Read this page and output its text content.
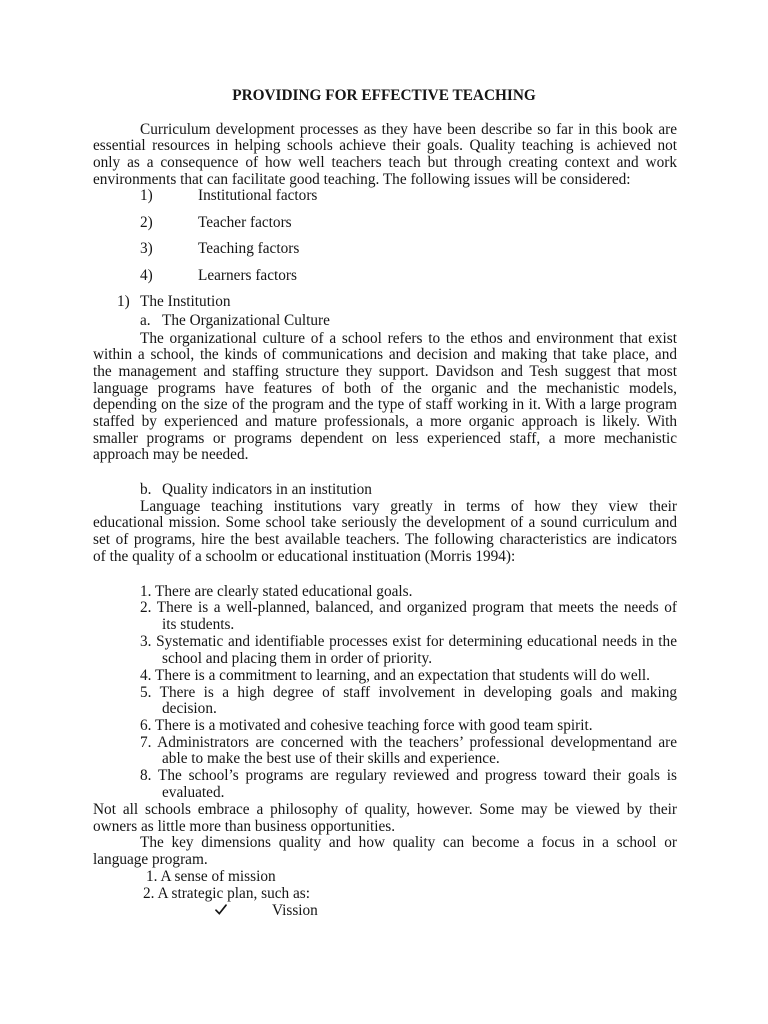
PROVIDING FOR EFFECTIVE TEACHING
Curriculum development processes as they have been describe so far in this book are
essential resources in helping schools achieve their goals. Quality teaching is achieved not
only as a consequence of how well teachers teach but through creating context and work
environments that can facilitate good teaching. The following issues will be considered:
1)	Institutional factors
2)	Teacher factors
3)	Teaching factors
4)	Learners factors
1) The Institution
a. The Organizational Culture
The organizational culture of a school refers to the ethos and environment that exist
within a school, the kinds of communications and decision and making that take place, and
the management and staffing structure they support. Davidson and Tesh suggest that most
language programs have features of both of the organic and the mechanistic models,
depending on the size of the program and the type of staff working in it. With a large program
staffed by experienced and mature professionals, a more organic approach is likely. With
smaller programs or programs dependent on less experienced staff, a more mechanistic
approach may be needed.
b. Quality indicators in an institution
Language teaching institutions vary greatly in terms of how they view their
educational mission. Some school take seriously the development of a sound curriculum and
set of programs, hire the best available teachers. The following characteristics are indicators
of the quality of a schoolm or educational instituation (Morris 1994):
1. There are clearly stated educational goals.
2. There is a well-planned, balanced, and organized program that meets the needs of
its students.
3. Systematic and identifiable processes exist for determining educational needs in the
school and placing them in order of priority.
4. There is a commitment to learning, and an expectation that students will do well.
5. There is a high degree of staff involvement in developing goals and making
decision.
6. There is a motivated and cohesive teaching force with good team spirit.
7. Administrators are concerned with the teachers’ professional developmentand are
able to make the best use of their skills and experience.
8. The school’s programs are regulary reviewed and progress toward their goals is
evaluated.
Not all schools embrace a philosophy of quality, however. Some may be viewed by their
owners as little more than business opportunities.
The key dimensions quality and how quality can become a focus in a school or
language program.
1. A sense of mission
2. A strategic plan, such as:
Vission
